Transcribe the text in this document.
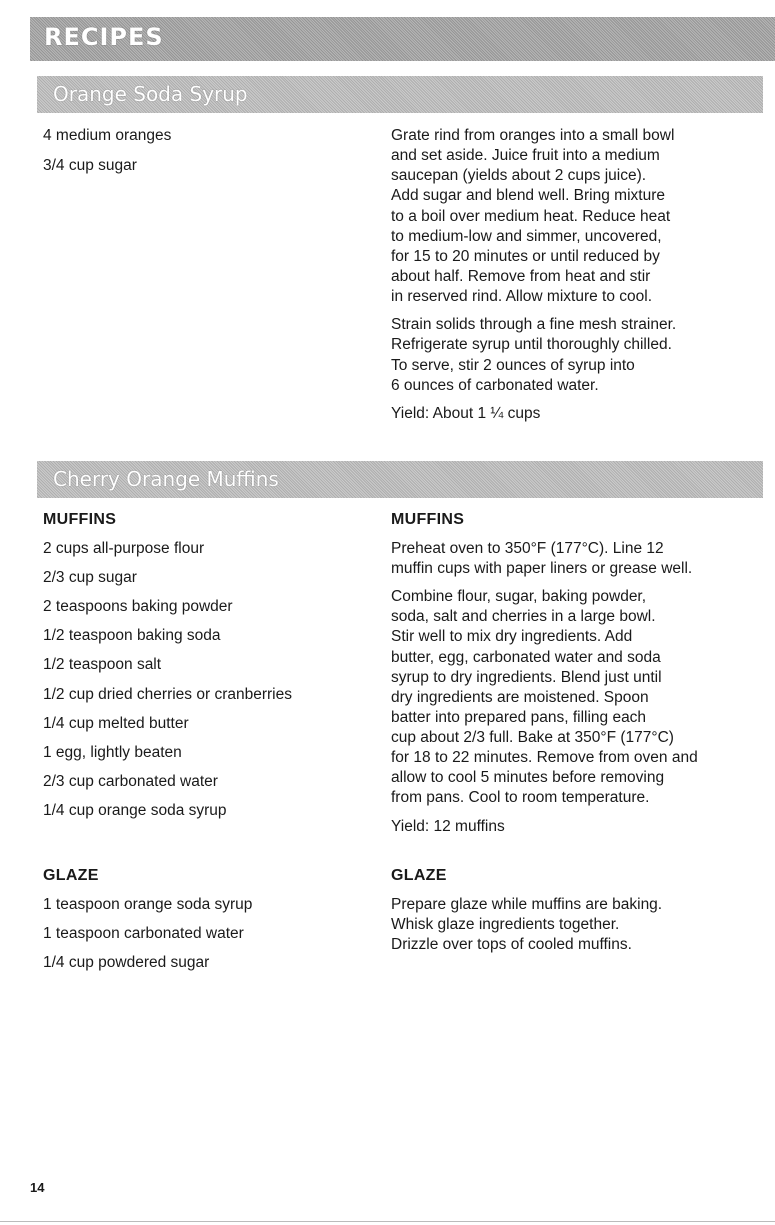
RECIPES
Orange Soda Syrup

4 medium oranges

3/4 cup sugar

Grate rind from oranges into a small bowl
and set aside. Juice fruit into a medium
saucepan (yields about 2 cups juice).
Add sugar and blend well. Bring mixture
to a boil over medium heat. Reduce heat
to medium-low and simmer, uncovered,
for 15 to 20 minutes or until reduced by
about half. Remove from heat and stir
in reserved rind. Allow mixture to cool.

Strain solids through a fine mesh strainer.
Refrigerate syrup until thoroughly chilled.
To serve, stir 2 ounces of syrup into
6 ounces of carbonated water.

Yield: About 1 ¼ cups

Cherry Orange Muffins

MUFFINS

2 cups all-purpose flour

2/3 cup sugar

2 teaspoons baking powder

1/2 teaspoon baking soda

1/2 teaspoon salt

1/2 cup dried cherries or cranberries

1/4 cup melted butter

1 egg, lightly beaten

2/3 cup carbonated water

1/4 cup orange soda syrup

MUFFINS

Preheat oven to 350°F (177°C). Line 12
muffin cups with paper liners or grease well.

Combine flour, sugar, baking powder,
soda, salt and cherries in a large bowl.
Stir well to mix dry ingredients. Add
butter, egg, carbonated water and soda
syrup to dry ingredients. Blend just until
dry ingredients are moistened. Spoon
batter into prepared pans, filling each
cup about 2/3 full. Bake at 350°F (177°C)
for 18 to 22 minutes. Remove from oven and
allow to cool 5 minutes before removing
from pans. Cool to room temperature.

Yield: 12 muffins

GLAZE

1 teaspoon orange soda syrup

1 teaspoon carbonated water

1/4 cup powdered sugar

GLAZE

Prepare glaze while muffins are baking.
Whisk glaze ingredients together.
Drizzle over tops of cooled muffins.

14
